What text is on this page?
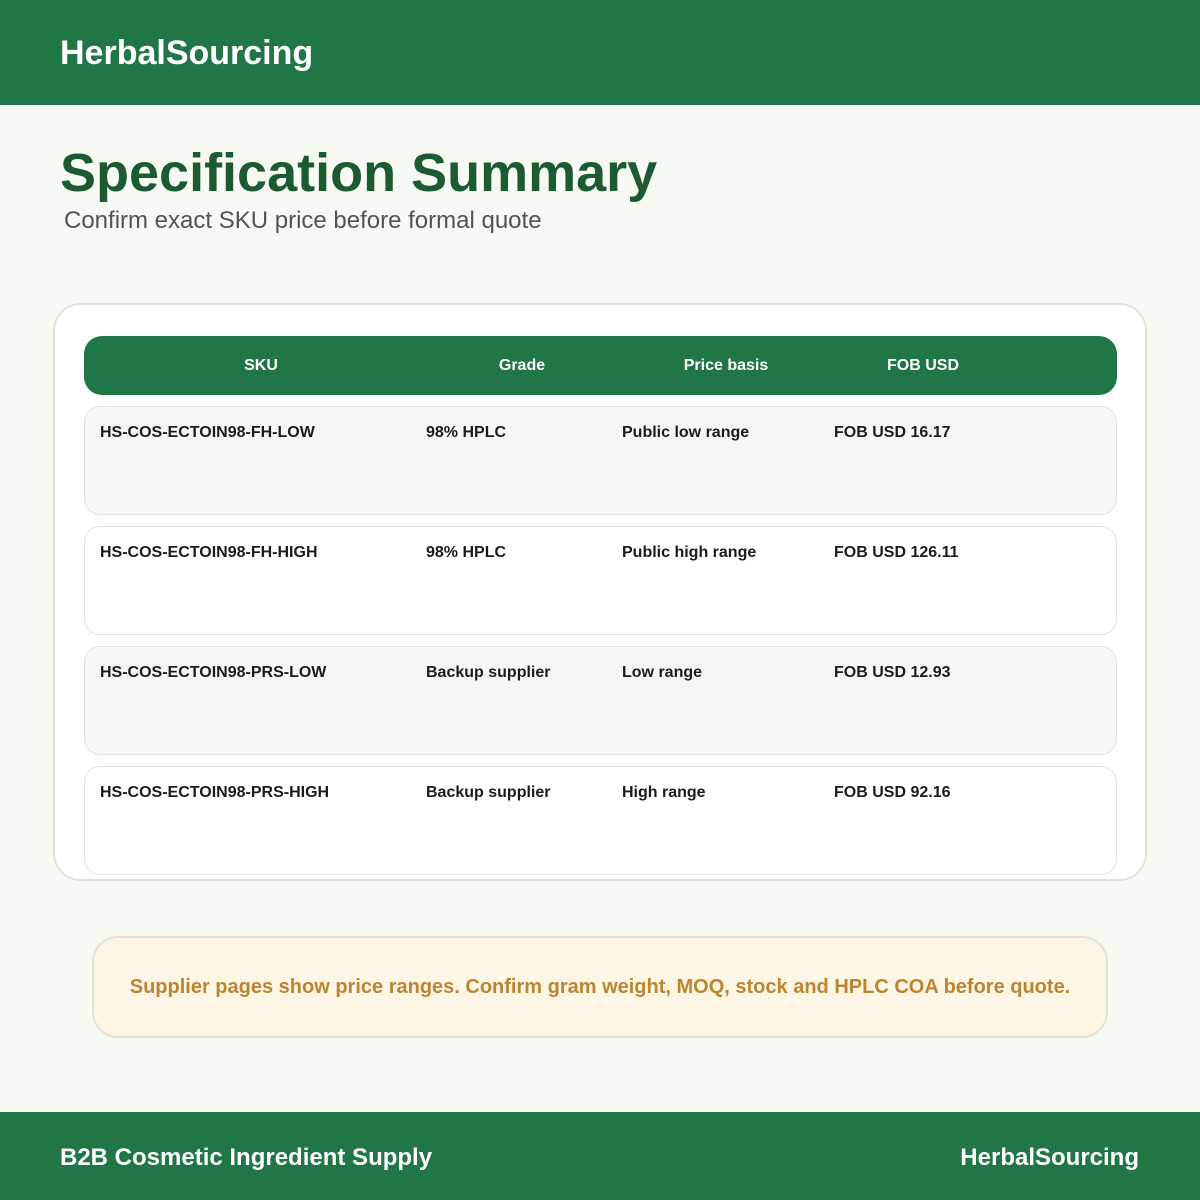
HerbalSourcing
Specification Summary
Confirm exact SKU price before formal quote
SKU	Grade	Price basis	FOB USD
HS-COS-ECTOIN98-FH-LOW	98% HPLC	Public low range	FOB USD 16.17
HS-COS-ECTOIN98-FH-HIGH	98% HPLC	Public high range	FOB USD 126.11
HS-COS-ECTOIN98-PRS-LOW	Backup supplier	Low range	FOB USD 12.93
HS-COS-ECTOIN98-PRS-HIGH	Backup supplier	High range	FOB USD 92.16
Supplier pages show price ranges. Confirm gram weight, MOQ, stock and HPLC COA before quote.
B2B Cosmetic Ingredient Supply	HerbalSourcing
